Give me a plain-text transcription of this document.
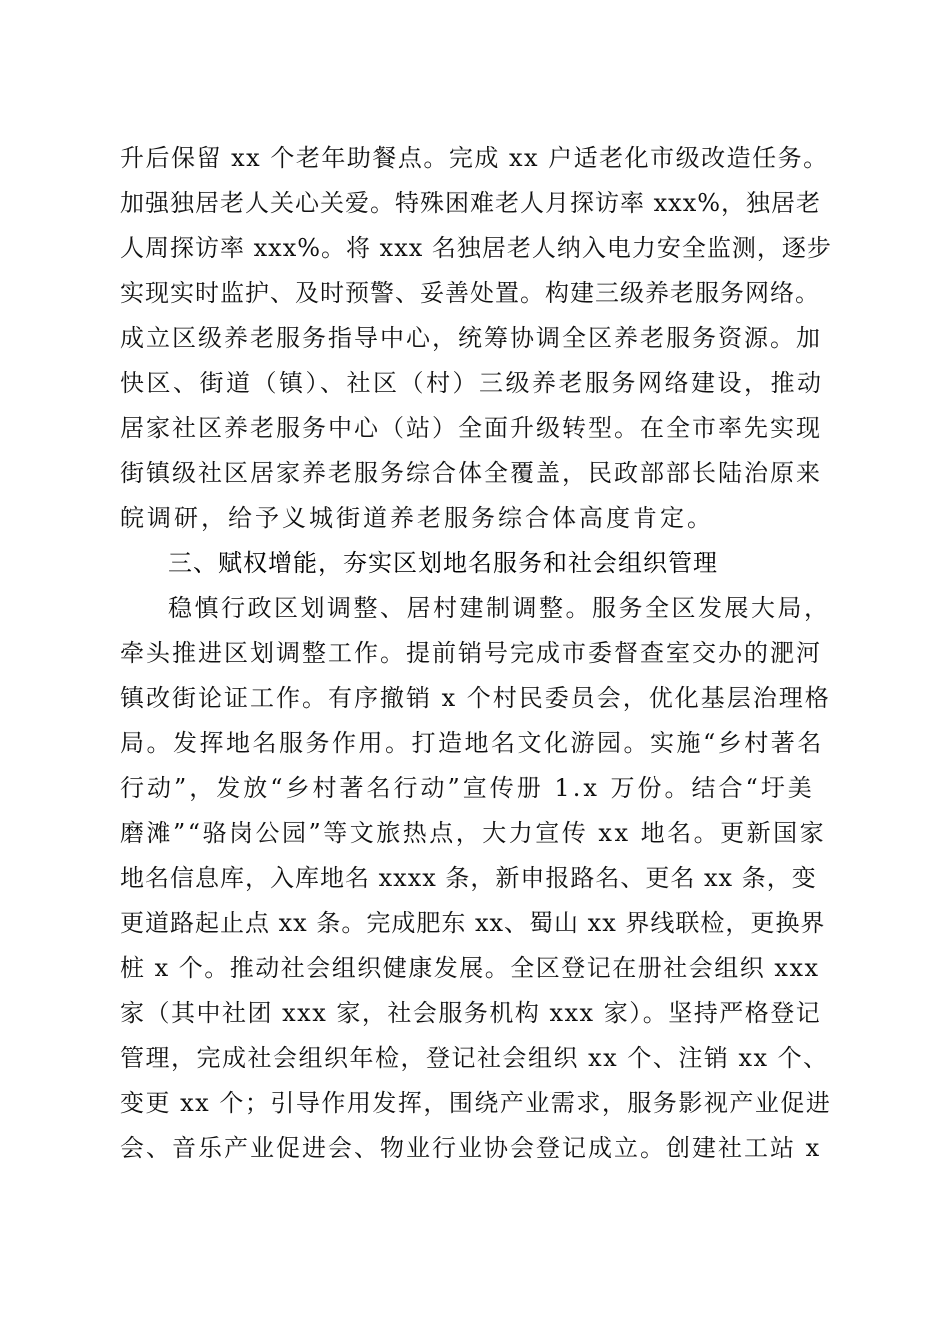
升后保留 xx 个老年助餐点。完成 xx 户适老化市级改造任务。
加强独居老人关心关爱。特殊困难老人月探访率 xxx%，独居老
人周探访率 xxx%。将 xxx 名独居老人纳入电力安全监测，逐步
实现实时监护、及时预警、妥善处置。构建三级养老服务网络。
成立区级养老服务指导中心，统筹协调全区养老服务资源。加
快区、街道（镇）、社区（村）三级养老服务网络建设，推动
居家社区养老服务中心（站）全面升级转型。在全市率先实现
街镇级社区居家养老服务综合体全覆盖，民政部部长陆治原来
皖调研，给予义城街道养老服务综合体高度肯定。
三、赋权增能，夯实区划地名服务和社会组织管理
稳慎行政区划调整、居村建制调整。服务全区发展大局，
牵头推进区划调整工作。提前销号完成市委督查室交办的淝河
镇改街论证工作。有序撤销 x 个村民委员会，优化基层治理格
局。发挥地名服务作用。打造地名文化游园。实施“乡村著名
行动”，发放“乡村著名行动”宣传册 1.x 万份。结合“圩美
磨滩”“骆岗公园”等文旅热点，大力宣传 xx 地名。更新国家
地名信息库，入库地名 xxxx 条，新申报路名、更名 xx 条，变
更道路起止点 xx 条。完成肥东 xx、蜀山 xx 界线联检，更换界
桩 x 个。推动社会组织健康发展。全区登记在册社会组织 xxx
家（其中社团 xxx 家，社会服务机构 xxx 家）。坚持严格登记
管理，完成社会组织年检，登记社会组织 xx 个、注销 xx 个、
变更 xx 个；引导作用发挥，围绕产业需求，服务影视产业促进
会、音乐产业促进会、物业行业协会登记成立。创建社工站 x
